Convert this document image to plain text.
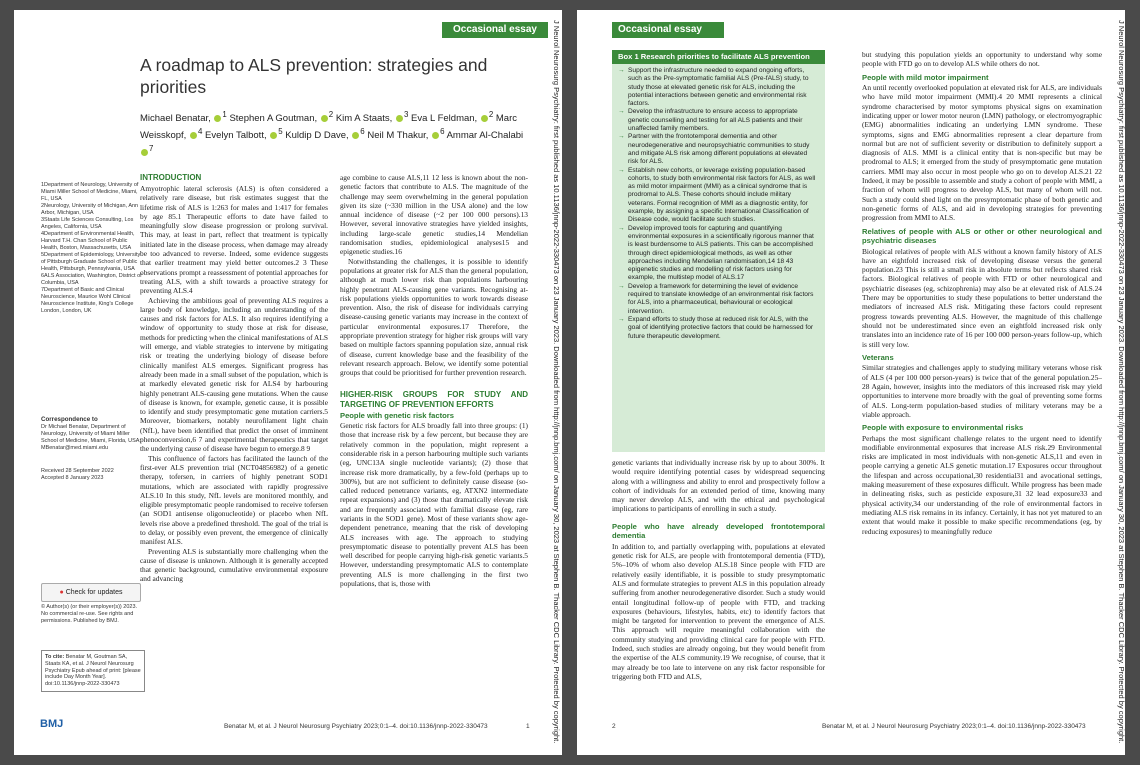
Occasional essay	J Neurol Neurosurg Psychiatry: first published as 10.1136/jnnp-2022-330473 on 23 January 2023. Downloaded from http://jnnp.bmj.com/ on January 30, 2023 at Stephen B. Thacker CDC Library. Protected by copyright.
A roadmap to ALS prevention: strategies and priorities
Michael Benatar, $^1$ Stephen A Goutman, $^2$ Kim A Staats, $^3$ Eva L Feldman, $^2$ Marc Weisskopf, $^4$ Evelyn Talbott, $^5$ Kuldip D Dave, $^6$ Neil M Thakur, $^6$ Ammar Al-Chalabi $^7$
1Department of Neurology, University of Miami Miller School of Medicine, Miami, FL, USA
2Neurology, University of Michigan, Ann Arbor, Michigan, USA
3Staats Life Sciences Consulting, Los Angeles, California, USA
4Department of Environmental Health, Harvard T.H. Chan School of Public Health, Boston, Massachusetts, USA
5Department of Epidemiology, University of Pittsburgh Graduate School of Public Health, Pittsburgh, Pennsylvania, USA
6ALS Association, Washington, District of Columbia, USA
7Department of Basic and Clinical Neuroscience, Maurice Wohl Clinical Neuroscience Institute, King's College London, London, UK
Correspondence to
Dr Michael Benatar, Department of Neurology, University of Miami Miller School of Medicine, Miami, Florida, USA; MBenatar@med.miami.edu
Received 28 September 2022
Accepted 8 January 2023
● Check for updates
© Author(s) (or their employer(s)) 2023. No commercial re-use. See rights and permissions. Published by BMJ.
To cite: Benatar M, Goutman SA, Staats KA, et al. J Neurol Neurosurg Psychiatry Epub ahead of print: [please include Day Month Year]. doi:10.1136/jnnp-2022-330473
BMJ	Benatar M, et al. J Neurol Neurosurg Psychiatry 2023;0:1–4. doi:10.1136/jnnp-2022-330473	1
INTRODUCTION

Amyotrophic lateral sclerosis (ALS) is often considered a relatively rare disease, but risk estimates suggest that the lifetime risk of ALS is 1:263 for males and 1:417 for females by age 85.1 Therapeutic efforts to date have failed to meaningfully slow disease progression or prolong survival. This may, at least in part, reflect that treatment is typically initiated late in the disease process, when damage may already be too advanced to reverse. Indeed, some evidence suggests that earlier treatment may yield better outcomes.2 3 These observations prompt a reassessment of potential approaches for treating ALS, with a shift towards a proactive strategy for preventing ALS.4

Achieving the ambitious goal of preventing ALS requires a large body of knowledge, including an understanding of the causes and risk factors for ALS. It also requires identifying a window of opportunity to study those at risk for disease, methods for predicting when the clinical manifestations of ALS will emerge, and viable strategies to intervene by mitigating risk or treating the underlying biology of disease before clinically manifest ALS emerges. Significant progress has already been made in a small subset of the population, which is at markedly elevated genetic risk for ALS4 by harbouring highly penetrant ALS-causing gene mutations. When the cause of disease is known, for example, genetic cause, it is possible to identify and study presymptomatic gene mutation carriers.5 Moreover, biomarkers, notably neurofilament light chain (NfL), have been identified that predict the onset of imminent phenoconversion,6 7 and experimental therapeutics that target the underlying cause of disease have begun to emerge.8 9

This confluence of factors has facilitated the launch of the first-ever ALS prevention trial (NCT04856982) of a genetic therapy, tofersen, in carriers of highly penetrant SOD1 mutations, which are associated with rapidly progressive ALS.10 In this study, NfL levels are monitored monthly, and eligible presymptomatic people randomised to receive tofersen (an SOD1 antisense oligonucleotide) or placebo when NfL levels rise above a predefined threshold. The goal of the trial is to delay, or possibly even prevent, the emergence of clinically manifest ALS.

Preventing ALS is substantially more challenging when the cause of disease is unknown. Although it is generally accepted that genetic background, cumulative environmental exposure and advancing

age combine to cause ALS,11 12 less is known about the non-genetic factors that contribute to ALS. The magnitude of the challenge may seem overwhelming in the general population given its size (~330 million in the USA alone) and the low annual incidence of disease (~2 per 100 000 persons).13 However, several innovative strategies have yielded insights, including large-scale genetic studies,14 Mendelian randomisation studies, epidemiological analyses15 and epigenetic studies.16

Notwithstanding the challenges, it is possible to identify populations at greater risk for ALS than the general population, although at much lower risk than populations harbouring highly penetrant ALS-causing gene variants. Recognising at-risk populations yields opportunities to work towards disease prevention. Also, the risk of disease for individuals carrying disease-causing genetic variants may increase in the context of particular environmental exposures.17 Therefore, the appropriate prevention strategy for higher risk groups will vary based on multiple factors spanning population size, annual risk of disease, current knowledge base and the feasibility of the relevant research approach. Below, we identify some potential groups that could be prioritised for further prevention research.

HIGHER-RISK GROUPS FOR STUDY AND TARGETING OF PREVENTION EFFORTS
People with genetic risk factors

Genetic risk factors for ALS broadly fall into three groups: (1) those that increase risk by a few percent, but because they are relatively common in the population, might represent a considerable risk in a person harbouring multiple such variants (eg, UNC13A single nucleotide variants); (2) those that increase risk more dramatically, by a few-fold (perhaps up to 300%), but are not sufficient to definitely cause disease (so-called reduced penetrance variants, eg, ATXN2 intermediate repeat expansions) and (3) those that dramatically elevate risk and are frequently associated with familial disease (eg, rare variants in the SOD1 gene). Most of these variants show age-dependent penetrance, meaning that the risk of developing ALS increases with age. The approach to studying presymptomatic disease to potentially prevent ALS has been well described for people carrying high-risk genetic variants.5 However, understanding presymptomatic ALS to contemplate preventing ALS is more challenging in the first two populations, that is, those with

Occasional essay	J Neurol Neurosurg Psychiatry: first published as 10.1136/jnnp-2022-330473 on 23 January 2023. Downloaded from http://jnnp.bmj.com/ on January 30, 2023 at Stephen B. Thacker CDC Library. Protected by copyright.
Box 1 Research priorities to facilitate ALS prevention
→ Support the infrastructure needed to expand ongoing efforts, such as the Pre-symptomatic familial ALS (Pre-fALS) study, to study those at elevated genetic risk for ALS, including the potential interactions between genetic and environmental risk factors.
→ Develop the infrastructure to ensure access to appropriate genetic counselling and testing for all ALS patients and their unaffected family members.
→ Partner with the frontotemporal dementia and other neurodegenerative and neuropsychiatric communities to study and mitigate ALS risk among different populations at elevated risk for ALS.
→ Establish new cohorts, or leverage existing population-based cohorts, to study both environmental risk factors for ALS, as well as mild motor impairment (MMI) as a clinical syndrome that is prodromal to ALS. These cohorts should include military veterans. Formal recognition of MMI as a diagnostic entity, for example, by assigning a specific International Classification of Disease code, would facilitate such studies.
→ Develop improved tools for capturing and quantifying environmental exposures in a scientifically rigorous manner that is least burdensome to ALS patients. This can be accomplished through direct epidemiological methods, as well as other approaches including Mendelian randomisation,14 18 43 epigenetic studies and modelling of risk factors using for example, the multistep model of ALS.17
→ Develop a framework for determining the level of evidence required to translate knowledge of an environmental risk factors for ALS, into a pharmaceutical, behavioural or ecological intervention.
→ Expand efforts to study those at reduced risk for ALS, with the goal of identifying protective factors that could be harnessed for future therapeutic development.

genetic variants that individually increase risk by up to about 300%. It would require identifying potential cases by widespread sequencing along with a willingness and ability to enrol and prospectively follow a cohort of individuals for an extended period of time, knowing many may never develop ALS, and with the ethical and psychological implications to participants of enrolling in such a study.

People who have already developed frontotemporal dementia

In addition to, and partially overlapping with, populations at elevated genetic risk for ALS, are people with frontotemporal dementia (FTD), 5%–10% of whom also develop ALS.18 Since people with FTD are relatively easily identifiable, it is possible to study presymptomatic ALS and formulate strategies to prevent ALS in this population already suffering from another neurodegenerative disorder. Such a study would entail longitudinal follow-up of people with FTD, and tracking exposures (behaviours, lifestyles, habits, etc) to identify factors that might be targeted for intervention to prevent the emergence of ALS. This approach will require meaningful collaboration with the community studying and providing clinical care for people with FTD. Indeed, such studies are already ongoing, but they would benefit from the expertise of the ALS community.19 We recognise, of course, that it may already be too late to intervene on any risk factor responsible for triggering both FTD and ALS,

but studying this population yields an opportunity to understand why some people with FTD go on to develop ALS while others do not.

People with mild motor impairment

An until recently overlooked population at elevated risk for ALS, are individuals who have mild motor impairment (MMI).4 20 MMI represents a clinical syndrome characterised by motor symptoms physical signs on examination indicating upper or lower motor neuron (LMN) pathology, or electromyographic (EMG) abnormalities indicating an underlying LMN syndrome. These symptoms, signs and EMG abnormalities represent a clear departure from normal but are not of sufficient severity or distribution to definitely support a diagnosis of ALS. MMI is a clinical entity that is non-specific but may be prodromal to ALS; it emerged from the study of presymptomatic gene mutation carriers. MMI may also occur in most people who go on to develop ALS.21 22 Indeed, it may be possible to assemble and study a cohort of people with MMI, a fraction of whom will progress to develop ALS, but many of whom will not. Such a study could shed light on the presymptomatic phase of both genetic and non-genetic forms of ALS, and aid in developing strategies for preventing progression from MMI to ALS.

Relatives of people with ALS or other or other neurological and psychiatric diseases

Biological relatives of people with ALS without a known family history of ALS have an eightfold increased risk of developing disease versus the general population.23 This is still a small risk in absolute terms but reflects shared risk factors. Biological relatives of people with FTD or other neurological and psychiatric diseases (eg, schizophrenia) may also be at elevated risk of ALS.24 There may be opportunities to study these populations to better understand the mediators of increased ALS risk. Mitigating these factors could represent progress towards preventing ALS. However, the magnitude of this challenge should not be underestimated since even an eightfold increased risk only translates into an incidence rate of 16 per 100 000 person-years follow-up, which is still very low.

Veterans

Similar strategies and challenges apply to studying military veterans whose risk of ALS (4 per 100 000 person-years) is twice that of the general population.25–28 Again, however, insights into the mediators of this increased risk may yield opportunities to intervene more broadly with the goal of preventing some forms of ALS. Long-term population-based studies of military veterans may be a viable approach.

People with exposure to environmental risks

Perhaps the most significant challenge relates to the urgent need to identify modifiable environmental exposures that increase ALS risk.29 Environmental risks are implicated in most individuals with non-genetic ALS,11 and even in people carrying a genetic ALS genetic mutation.17 Exposures occur throughout the lifespan and across occupational,30 residential31 and avocational settings, making measurement of these exposures difficult. While progress has been made in delineating risks, such as pesticide exposure,31 32 lead exposure33 and physical activity,34 our understanding of the role of environmental factors in mediating ALS risk remains in its infancy. Certainly, it has not yet matured to an extent that would make it possible to make specific recommendations (eg, by reducing exposures) to meaningfully reduce

2	Benatar M, et al. J Neurol Neurosurg Psychiatry 2023;0:1–4. doi:10.1136/jnnp-2022-330473
